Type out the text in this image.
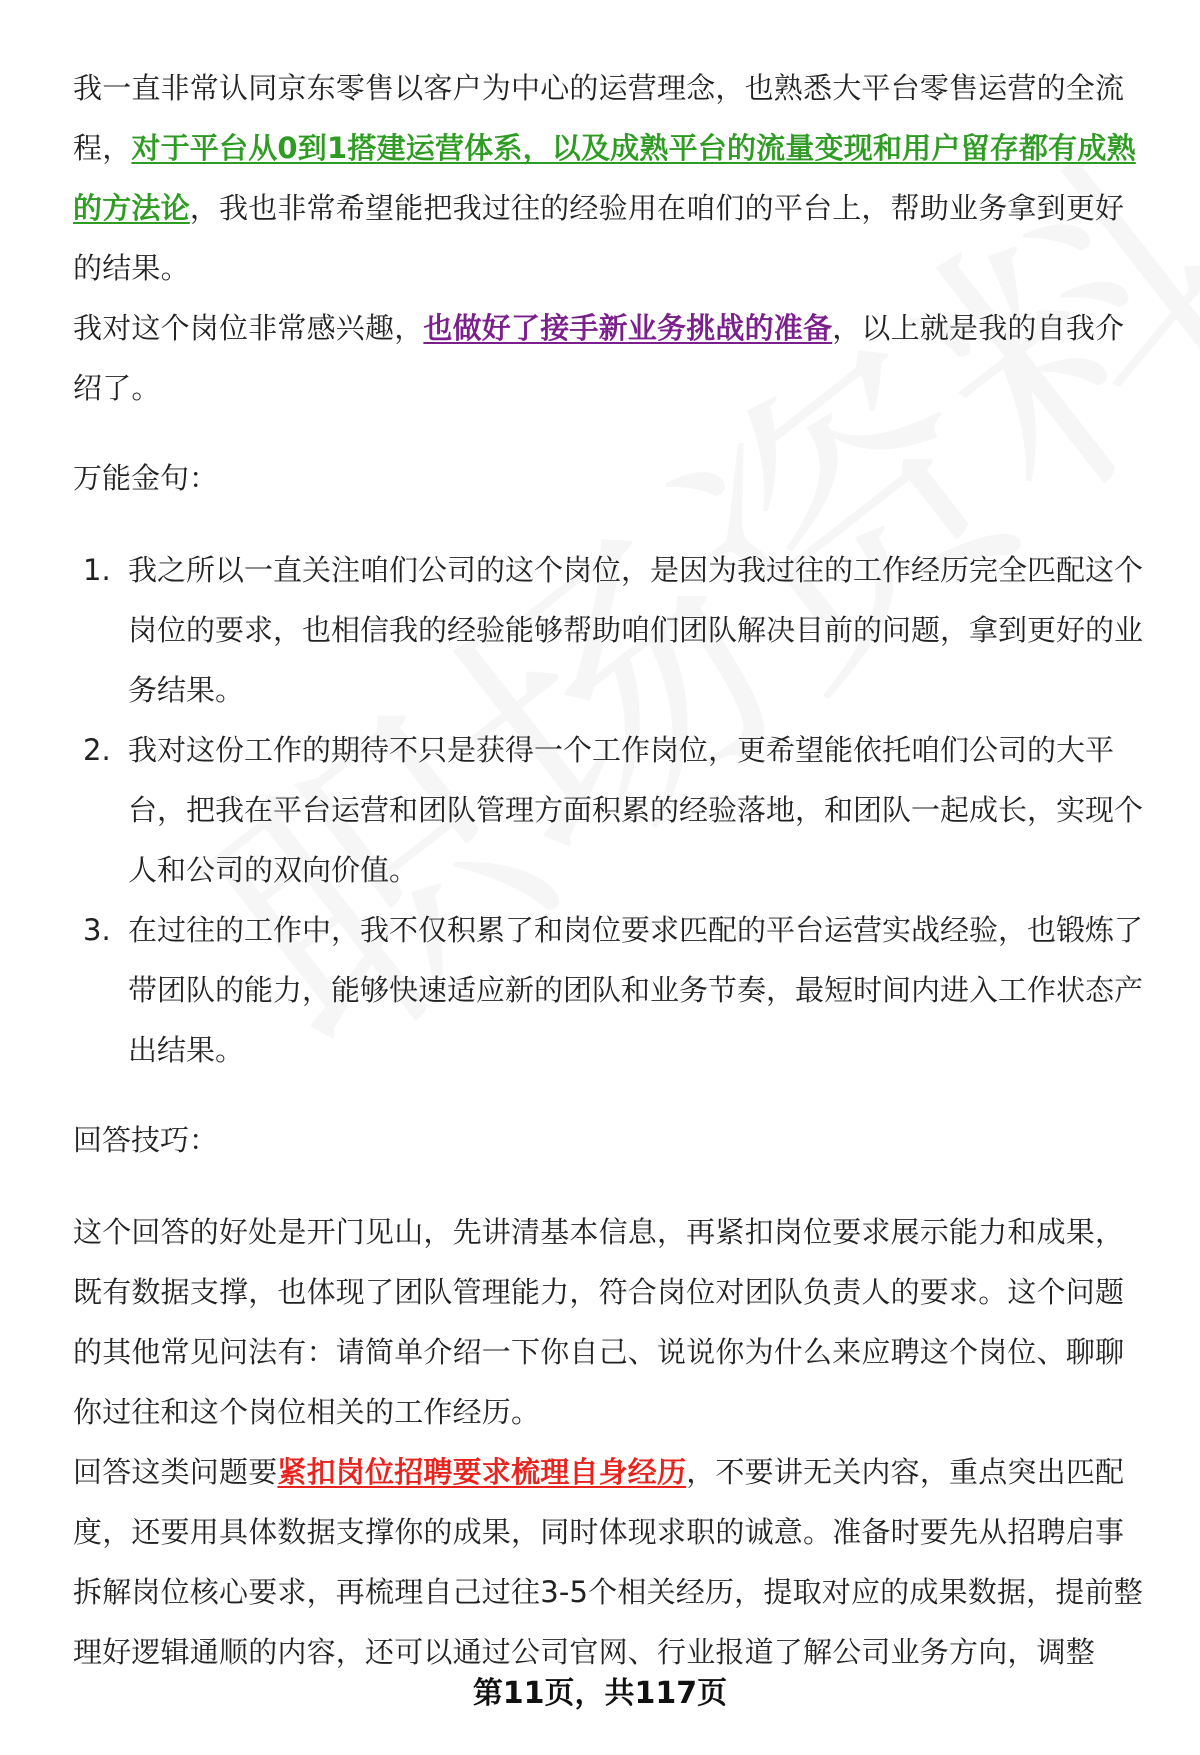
我一直非常认同京东零售以客户为中心的运营理念，也熟悉大平台零售运营的全流程，对于平台从0到1搭建运营体系，以及成熟平台的流量变现和用户留存都有成熟的方法论，我也非常希望能把我过往的经验用在咱们的平台上，帮助业务拿到更好的结果。

我对这个岗位非常感兴趣，也做好了接手新业务挑战的准备，以上就是我的自我介绍了。

万能金句：

1. 我之所以一直关注咱们公司的这个岗位，是因为我过往的工作经历完全匹配这个岗位的要求，也相信我的经验能够帮助咱们团队解决目前的问题，拿到更好的业务结果。
2. 我对这份工作的期待不只是获得一个工作岗位，更希望能依托咱们公司的大平台，把我在平台运营和团队管理方面积累的经验落地，和团队一起成长，实现个人和公司的双向价值。
3. 在过往的工作中，我不仅积累了和岗位要求匹配的平台运营实战经验，也锻炼了带团队的能力，能够快速适应新的团队和业务节奏，最短时间内进入工作状态产出结果。

回答技巧：

这个回答的好处是开门见山，先讲清基本信息，再紧扣岗位要求展示能力和成果，既有数据支撑，也体现了团队管理能力，符合岗位对团队负责人的要求。这个问题的其他常见问法有：请简单介绍一下你自己、说说你为什么来应聘这个岗位、聊聊你过往和这个岗位相关的工作经历。

回答这类问题要紧扣岗位招聘要求梳理自身经历，不要讲无关内容，重点突出匹配度，还要用具体数据支撑你的成果，同时体现求职的诚意。准备时要先从招聘启事拆解岗位核心要求，再梳理自己过往3-5个相关经历，提取对应的成果数据，提前整理好逻辑通顺的内容，还可以通过公司官网、行业报道了解公司业务方向，调整

第11页，共117页
